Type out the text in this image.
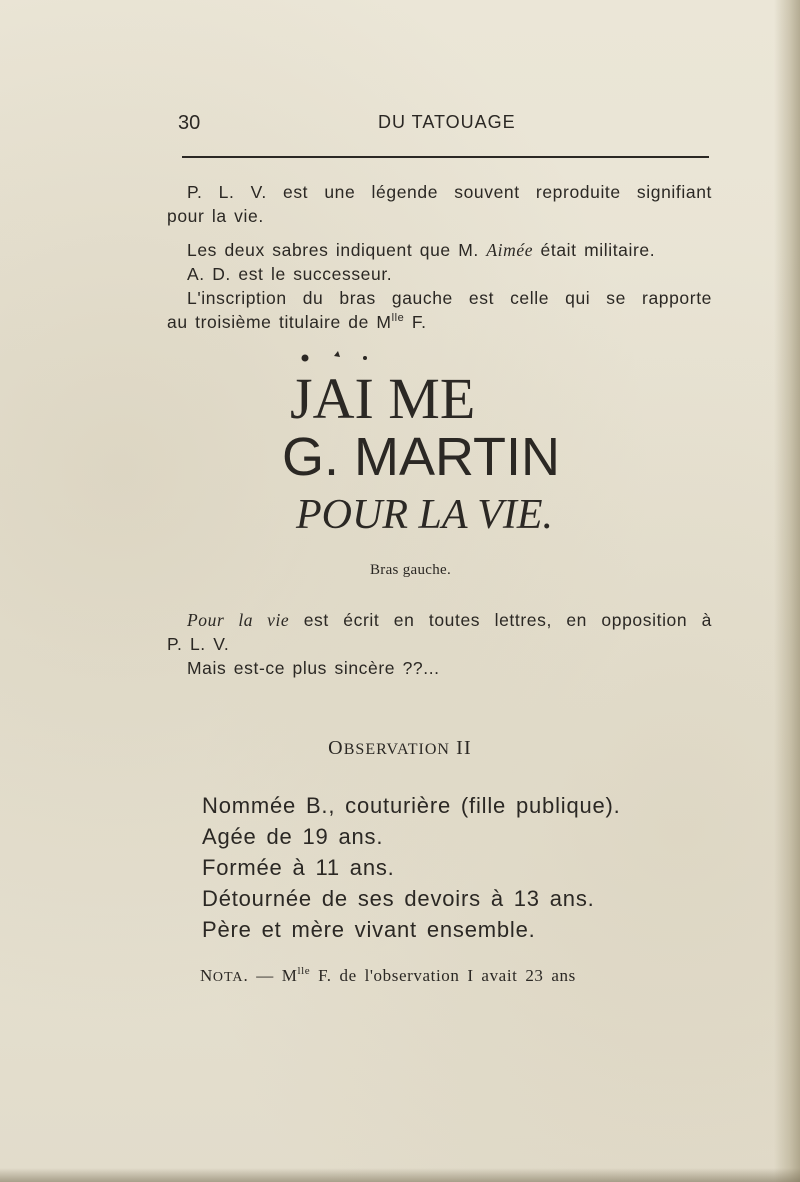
30	DU TATOUAGE
P. L. V. est une légende souvent reproduite signifiant
pour la vie.
Les deux sabres indiquent que M. Aimée était militaire.
A. D. est le successeur.
L'inscription du bras gauche est celle qui se rapporte
au troisième titulaire de $M^{lle}$ F.
JAI ME
G. MARTIN
POUR LA VIE.
Bras gauche.
Pour la vie est écrit en toutes lettres, en opposition à
P. L. V.
Mais est-ce plus sincère ??...
OBSERVATION II
Nommée B., couturière (fille publique).
Agée de 19 ans.
Formée à 11 ans.
Détournée de ses devoirs à 13 ans.
Père et mère vivant ensemble.
NOTA. — $M^{lle}$ F. de l'observation I avait 23 ans
